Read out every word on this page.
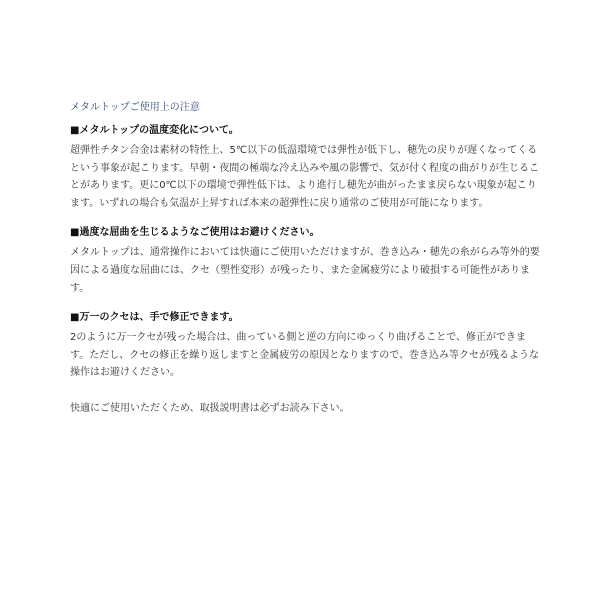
メタルトップご使用上の注意
■メタルトップの温度変化について。
超弾性チタン合金は素材の特性上、5℃以下の低温環境では弾性が低下し、穂先の戻りが遅くなってくる
という事象が起こります。早朝・夜間の極端な冷え込みや風の影響で、気が付く程度の曲がりが生じるこ
とがあります。更に0℃以下の環境で弾性低下は、より進行し穂先が曲がったまま戻らない現象が起こり
ます。いずれの場合も気温が上昇すれば本来の超弾性に戻り通常のご使用が可能になります。
■過度な屈曲を生じるようなご使用はお避けください。
メタルトップは、通常操作においては快適にご使用いただけますが、巻き込み・穂先の糸がらみ等外的要
因による過度な屈曲には、クセ（塑性変形）が残ったり、また金属疲労により破損する可能性がありま
す。
■万一のクセは、手で修正できます。
2のように万一クセが残った場合は、曲っている側と逆の方向にゆっくり曲げることで、修正ができま
す。ただし、クセの修正を繰り返しますと金属疲労の原因となりますので、巻き込み等クセが残るような
操作はお避けください。
快適にご使用いただくため、取扱説明書は必ずお読み下さい。
